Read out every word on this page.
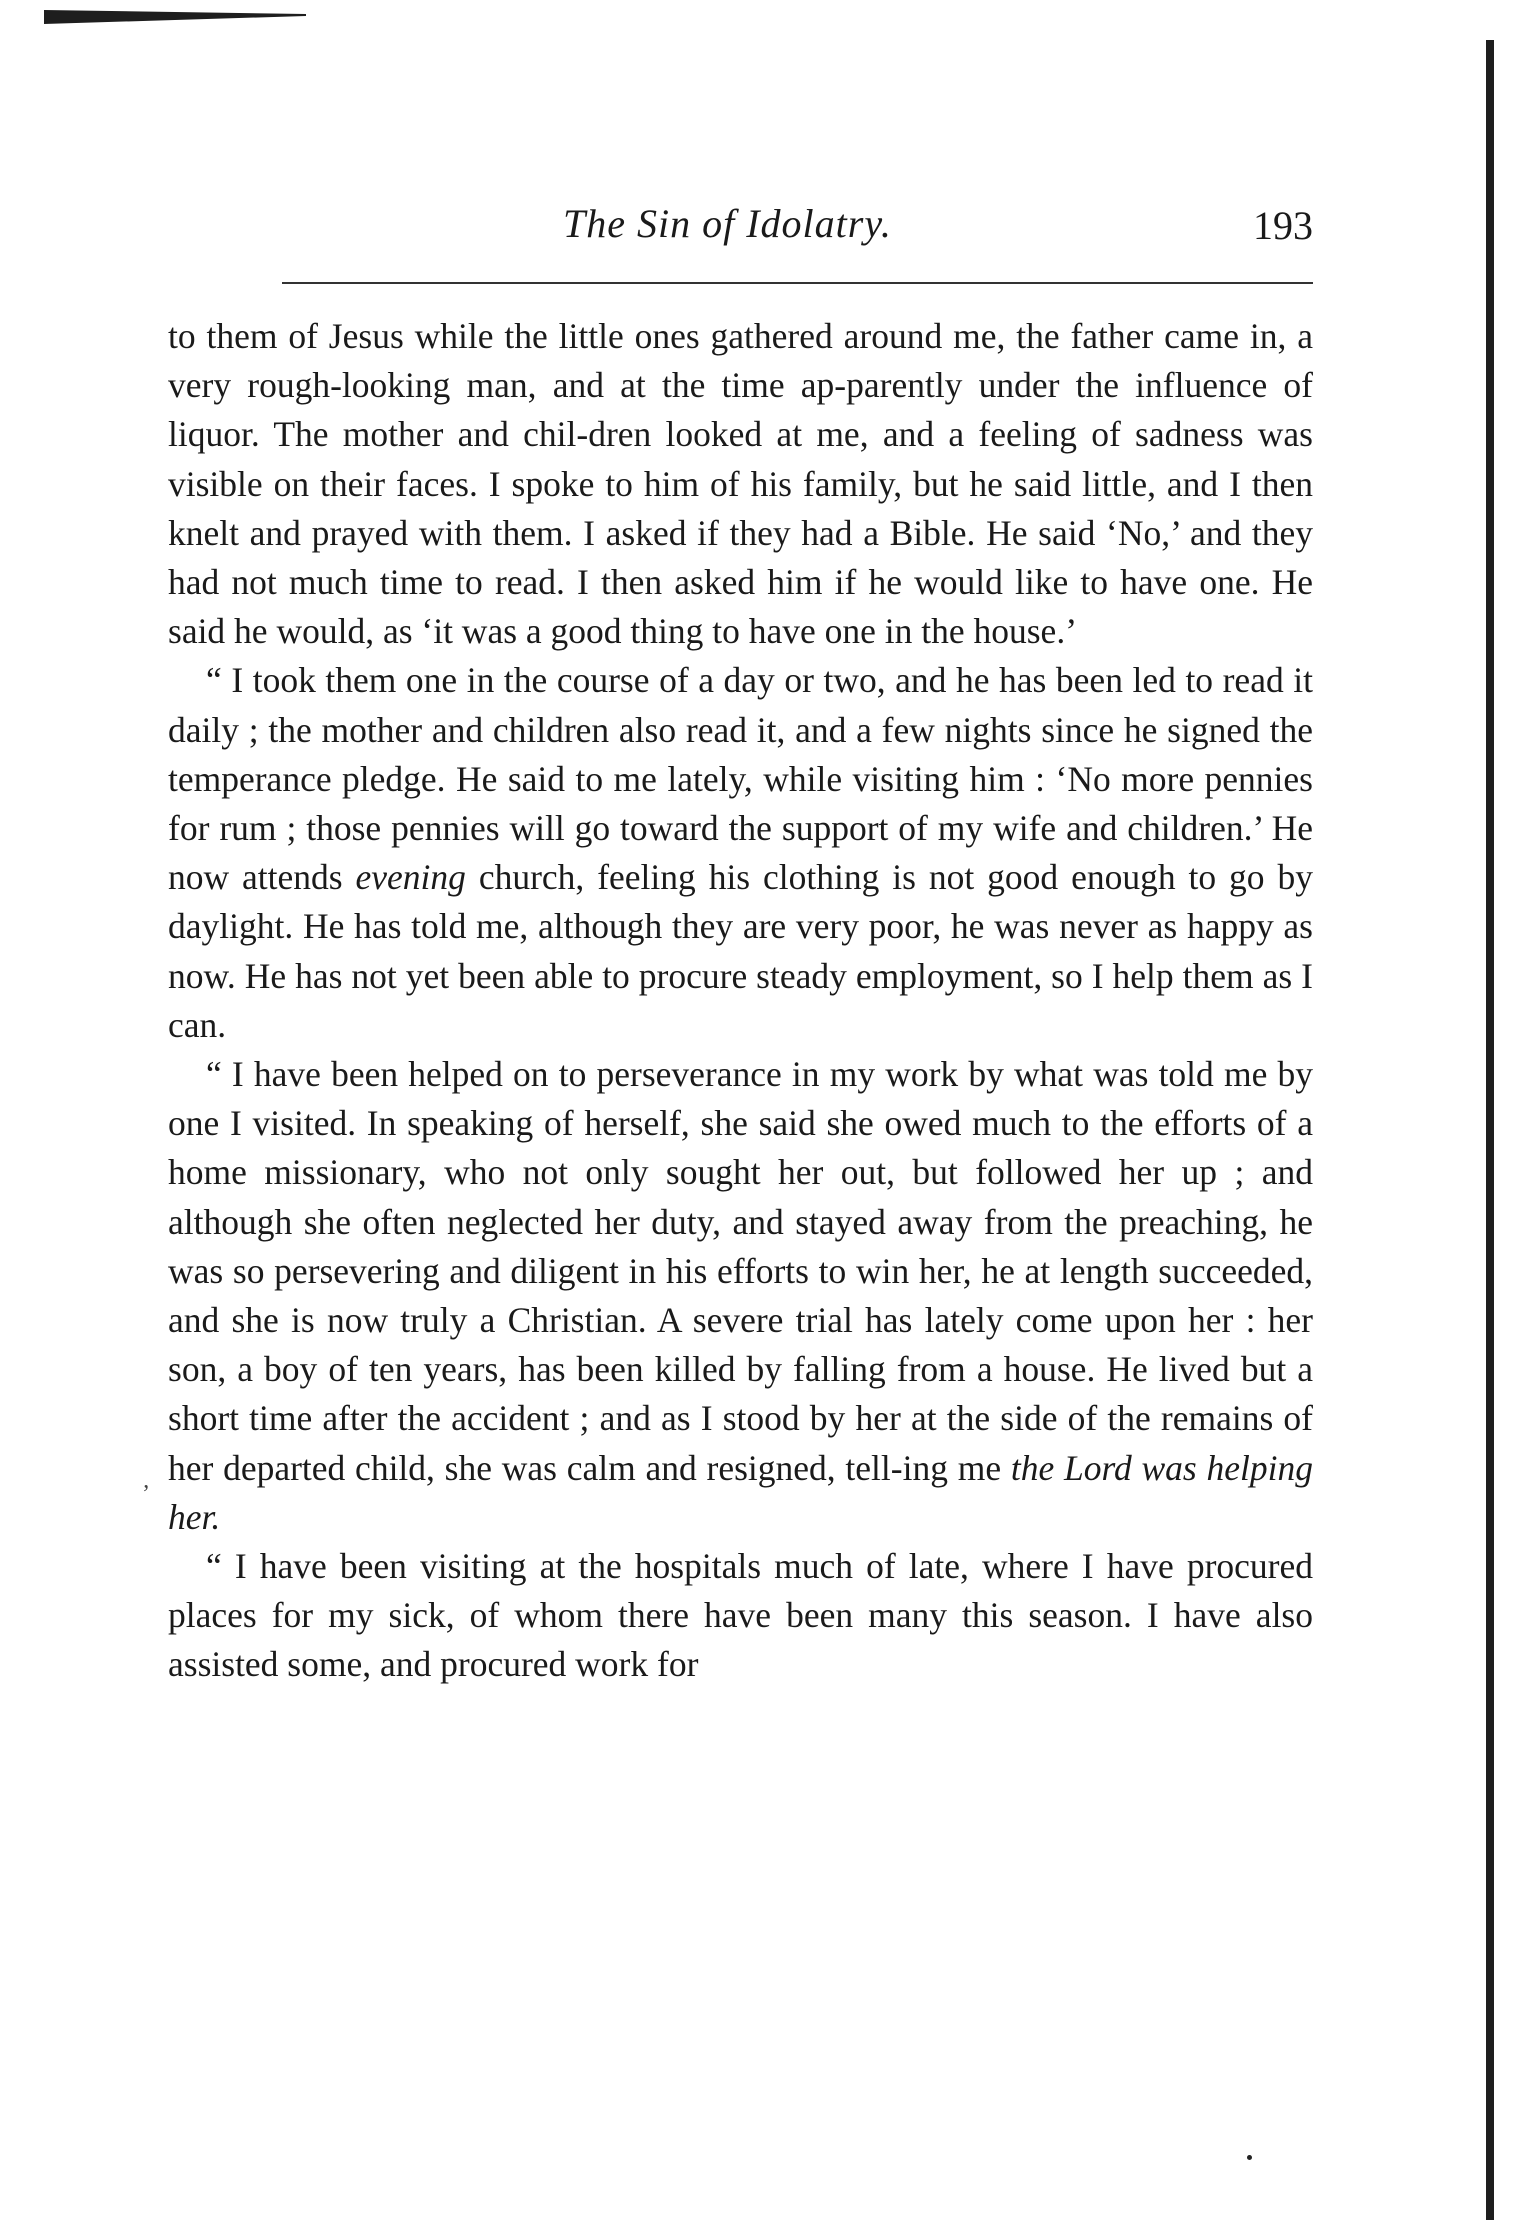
The Sin of Idolatry.	193

to them of Jesus while the little ones gathered around me, the father came in, a very rough-looking man, and at the time ap-parently under the influence of liquor. The mother and chil-dren looked at me, and a feeling of sadness was visible on their faces. I spoke to him of his family, but he said little, and I then knelt and prayed with them. I asked if they had a Bible. He said ‘No,’ and they had not much time to read. I then asked him if he would like to have one. He said he would, as ‘it was a good thing to have one in the house.’

“ I took them one in the course of a day or two, and he has been led to read it daily ; the mother and children also read it, and a few nights since he signed the temperance pledge. He said to me lately, while visiting him : ‘No more pennies for rum ; those pennies will go toward the support of my wife and children.’ He now attends evening church, feeling his clothing is not good enough to go by daylight. He has told me, although they are very poor, he was never as happy as now. He has not yet been able to procure steady employment, so I help them as I can.

“ I have been helped on to perseverance in my work by what was told me by one I visited. In speaking of herself, she said she owed much to the efforts of a home missionary, who not only sought her out, but followed her up ; and although she often neglected her duty, and stayed away from the preaching, he was so persevering and diligent in his efforts to win her, he at length succeeded, and she is now truly a Christian. A severe trial has lately come upon her : her son, a boy of ten years, has been killed by falling from a house. He lived but a short time after the accident ; and as I stood by her at the side of the remains of her departed child, she was calm and resigned, tell-ing me the Lord was helping her.

“ I have been visiting at the hospitals much of late, where I have procured places for my sick, of whom there have been many this season. I have also assisted some, and procured work for

’
